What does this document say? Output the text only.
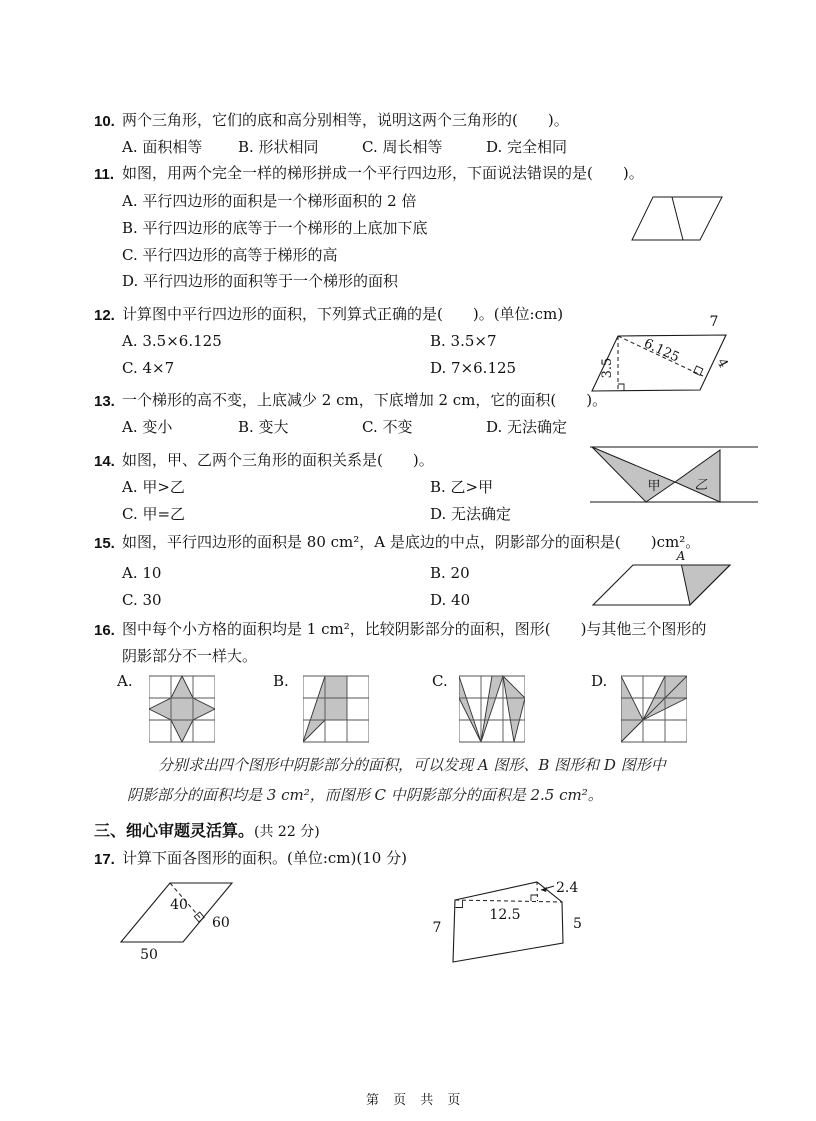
10. 两个三角形，它们的底和高分别相等，说明这两个三角形的(　　)。
A. 面积相等 B. 形状相同	C. 周长相等	D. 完全相同
11. 如图，用两个完全一样的梯形拼成一个平行四边形，下面说法错误的是(　　)。
A. 平行四边形的面积是一个梯形面积的 2 倍
B. 平行四边形的底等于一个梯形的上底加下底
C. 平行四边形的高等于梯形的高
D. 平行四边形的面积等于一个梯形的面积
12. 计算图中平行四边形的面积，下列算式正确的是(　　)。(单位:cm)
A. 3.5×6.125	B. 3.5×7
C. 4×7	D. 7×6.125
7
3.5
6.125 4
13. 一个梯形的高不变，上底减少 2 cm，下底增加 2 cm，它的面积(　　)。
A. 变小	B. 变大	C. 不变	D. 无法确定
14. 如图，甲、乙两个三角形的面积关系是(　　)。
A. 甲>乙	B. 乙>甲
C. 甲=乙	D. 无法确定
甲	乙
15. 如图，平行四边形的面积是 80 cm²，A 是底边的中点，阴影部分的面积是(　　)cm²。
A. 10	B. 20
C. 30	D. 40
A
16. 图中每个小方格的面积均是 1 cm²，比较阴影部分的面积，图形(　　)与其他三个图形的
阴影部分不一样大。
A.	B.	C.	D.
分别求出四个图形中阴影部分的面积，可以发现 A 图形、B 图形和 D 图形中
阴影部分的面积均是 3 cm²，而图形 C 中阴影部分的面积是 2.5 cm²。
三、细心审题灵活算。(共 22 分)
17. 计算下面各图形的面积。(单位:cm)(10 分)
40
60
50
2.4
12.5
7	5
第 页 共 页
